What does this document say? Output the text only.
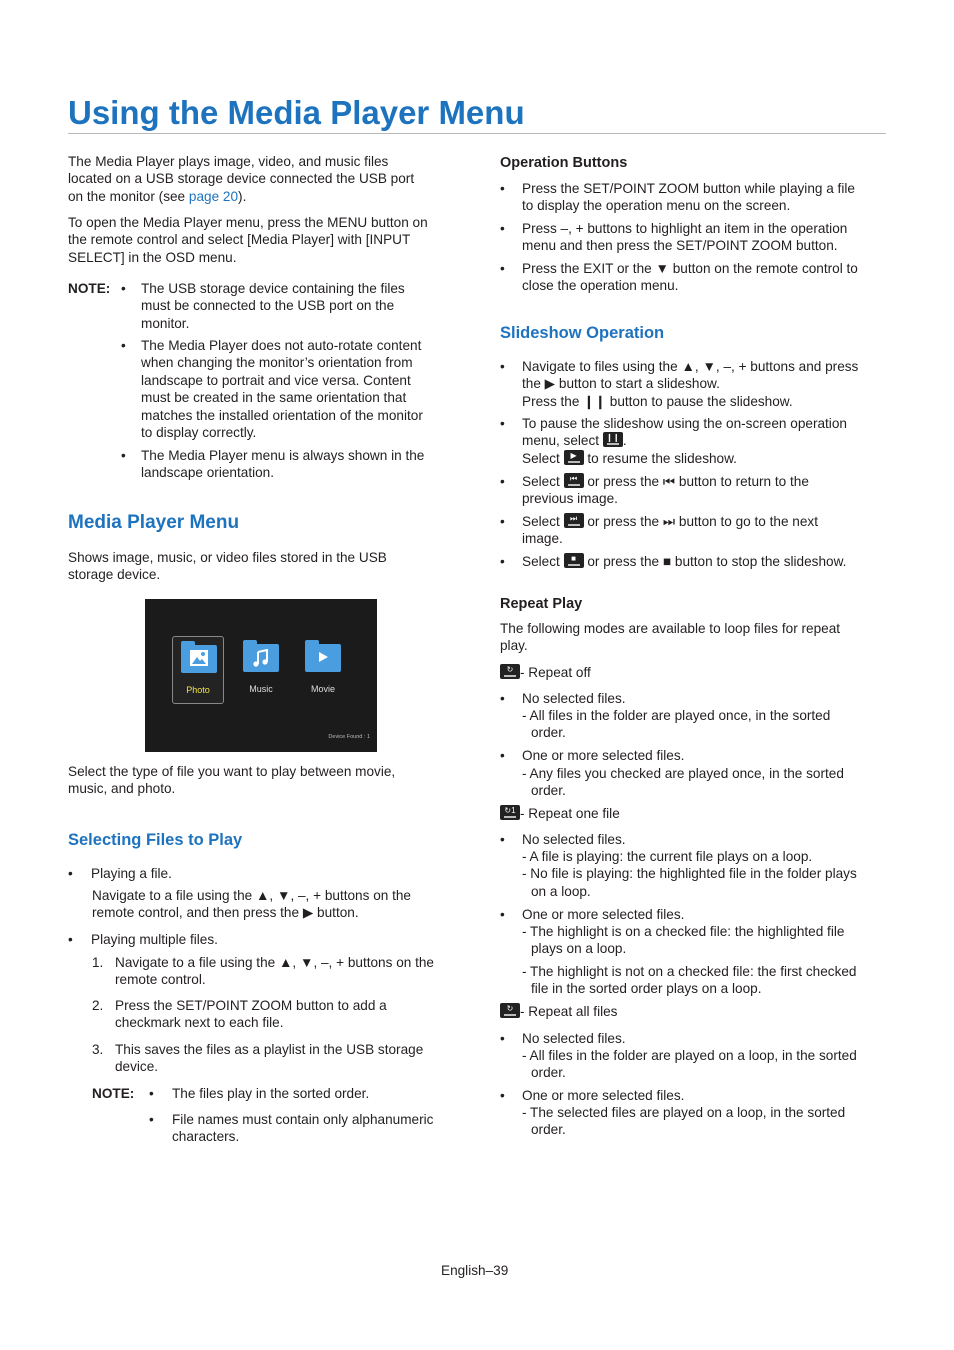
Using the Media Player Menu
The Media Player plays image, video, and music files
located on a USB storage device connected the USB port
on the monitor (see page 20).
To open the Media Player menu, press the MENU button on
the remote control and select [Media Player] with [INPUT
SELECT] in the OSD menu.
NOTE: • The USB storage device containing the files
must be connected to the USB port on the
monitor.
• The Media Player does not auto-rotate content
when changing the monitor’s orientation from
landscape to portrait and vice versa. Content
must be created in the same orientation that
matches the installed orientation of the monitor
to display correctly.
• The Media Player menu is always shown in the
landscape orientation.
Media Player Menu
Shows image, music, or video files stored in the USB
storage device.
Photo	Music	Movie
Device Found : 1
Select the type of file you want to play between movie,
music, and photo.
Selecting Files to Play
• Playing a file.
Navigate to a file using the ▲, ▼, –, + buttons on the
remote control, and then press the ▶ button.
• Playing multiple files.
1. Navigate to a file using the ▲, ▼, –, + buttons on the
remote control.
2. Press the SET/POINT ZOOM button to add a
checkmark next to each file.
3. This saves the files as a playlist in the USB storage
device.
NOTE: • The files play in the sorted order.
• File names must contain only alphanumeric
characters.
Operation Buttons
• Press the SET/POINT ZOOM button while playing a file
to display the operation menu on the screen.
• Press –, + buttons to highlight an item in the operation
menu and then press the SET/POINT ZOOM button.
• Press the EXIT or the ▼ button on the remote control to
close the operation menu.
Slideshow Operation
• Navigate to files using the ▲, ▼, –, + buttons and press
the ▶ button to start a slideshow.
Press the ❙❙ button to pause the slideshow.
• To pause the slideshow using the on-screen operation
menu, select ❙❙ .
Select	▶ to resume the slideshow.
• Select	⏮ or press the ⏮ button to return to the
previous image.
• Select	⏭ or press the ⏭ button to go to the next
image.
• Select	■ or press the ■ button to stop the slideshow.
Repeat Play
The following modes are available to loop files for repeat
play.
↻ - Repeat off
• No selected files.
- All files in the folder are played once, in the sorted
order.
• One or more selected files.
- Any files you checked are played once, in the sorted
order.
↻1 - Repeat one file
• No selected files.
- A file is playing: the current file plays on a loop.
- No file is playing: the highlighted file in the folder plays
on a loop.
• One or more selected files.
- The highlight is on a checked file: the highlighted file
plays on a loop.
- The highlight is not on a checked file: the first checked
file in the sorted order plays on a loop.
↻ - Repeat all files
• No selected files.
- All files in the folder are played on a loop, in the sorted
order.
• One or more selected files.
- The selected files are played on a loop, in the sorted
order.
English–39
